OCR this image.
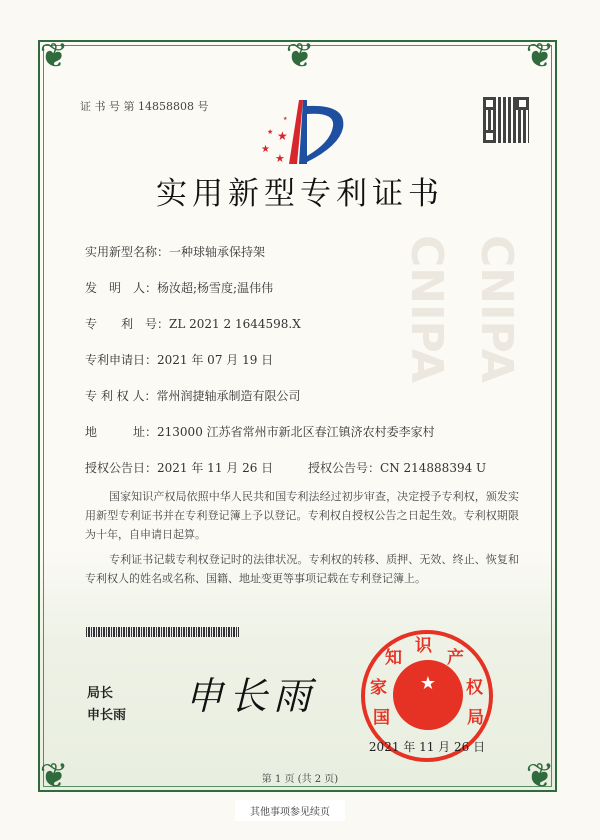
❦	❦
❦	❦
❦
CNIPA CNIPA
证 书 号 第 14858808 号
★
★
★
★
★
实用新型专利证书
实用新型名称：一种球轴承保持架
发　明　人：杨汝超;杨雪度;温伟伟
专　　利　号：ZL 2021 2 1644598.X
专利申请日：2021 年 07 月 19 日
专 利 权 人：常州润捷轴承制造有限公司
地　　　址：213000 江苏省常州市新北区春江镇济农村委李家村
授权公告日：2021 年 11 月 26 日	授权公告号：CN 214888394 U
国家知识产权局依照中华人民共和国专利法经过初步审查，决定授予专利权，颁发实用新型专利证书并在专利登记簿上予以登记。专利权自授权公告之日起生效。专利权期限为十年，自申请日起算。
专利证书记载专利权登记时的法律状况。专利权的转移、质押、无效、终止、恢复和专利权人的姓名或名称、国籍、地址变更等事项记载在专利登记簿上。
局长
申长雨 申长雨	★
国
家
知
识
产
权
局
2021 年 11 月 26 日
第 1 页 (共 2 页)
其他事项参见续页
